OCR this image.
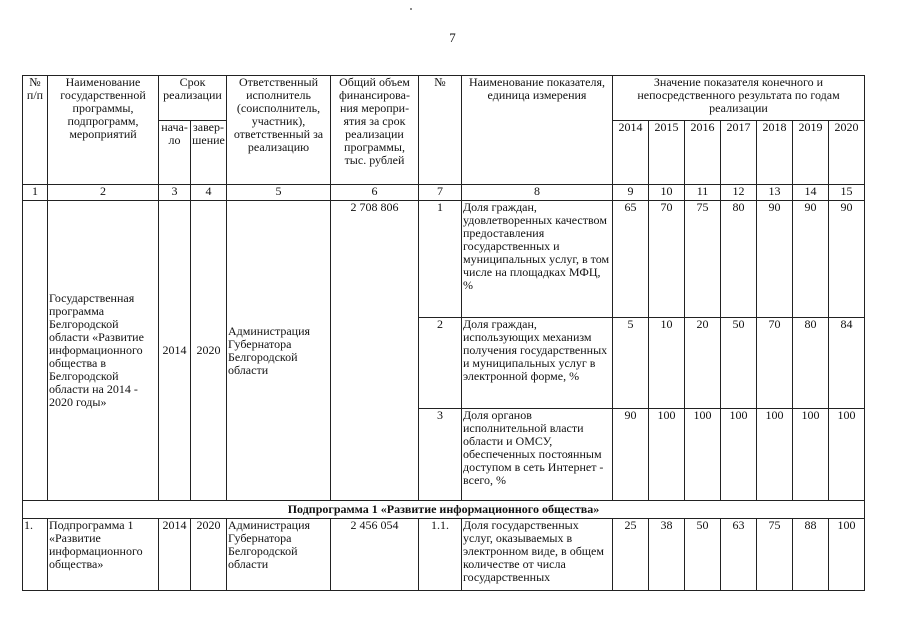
7
№ п/п	Наименование государственной программы, подпрограмм, мероприятий	Срок реализации		Ответственный исполнитель (соисполнитель, участник), ответственный за реализацию	Общий объем финансирова-ния меропри-ятия за срок реализации программы, тыс. рублей	№	Наименование показателя, единица измерения	Значение показателя конечного и непосредственного результата по годам реализации						
		нача-ло	завер-шение					2014	2015	2016	2017	2018	2019	2020
1	2	3	4	5	6	7	8	9	10	11	12	13	14	15
	Государственная программа Белгородской области «Развитие информационного общества в Белгородской области на 2014 - 2020 годы»	2014	2020	Администрация Губернатора Белгородской области	2 708 806	1	Доля граждан, удовлетворенных качеством предоставления государственных и муниципальных услуг, в том числе на площадках МФЦ, %	65	70	75	80	90	90	90
						2	Доля граждан, использующих механизм получения государственных и муниципальных услуг в электронной форме, %	5	10	20	50	70	80	84
						3	Доля органов исполнительной власти области и ОМСУ, обеспеченных постоянным доступом в сеть Интернет - всего, %	90	100	100	100	100	100	100
Подпрограмма 1 «Развитие информационного общества»														
1.	Подпрограмма 1 «Развитие информационного общества»	2014	2020	Администрация Губернатора Белгородской области	2 456 054	1.1.	Доля государственных услуг, оказываемых в электронном виде, в общем количестве от числа государственных	25	38	50	63	75	88	100
